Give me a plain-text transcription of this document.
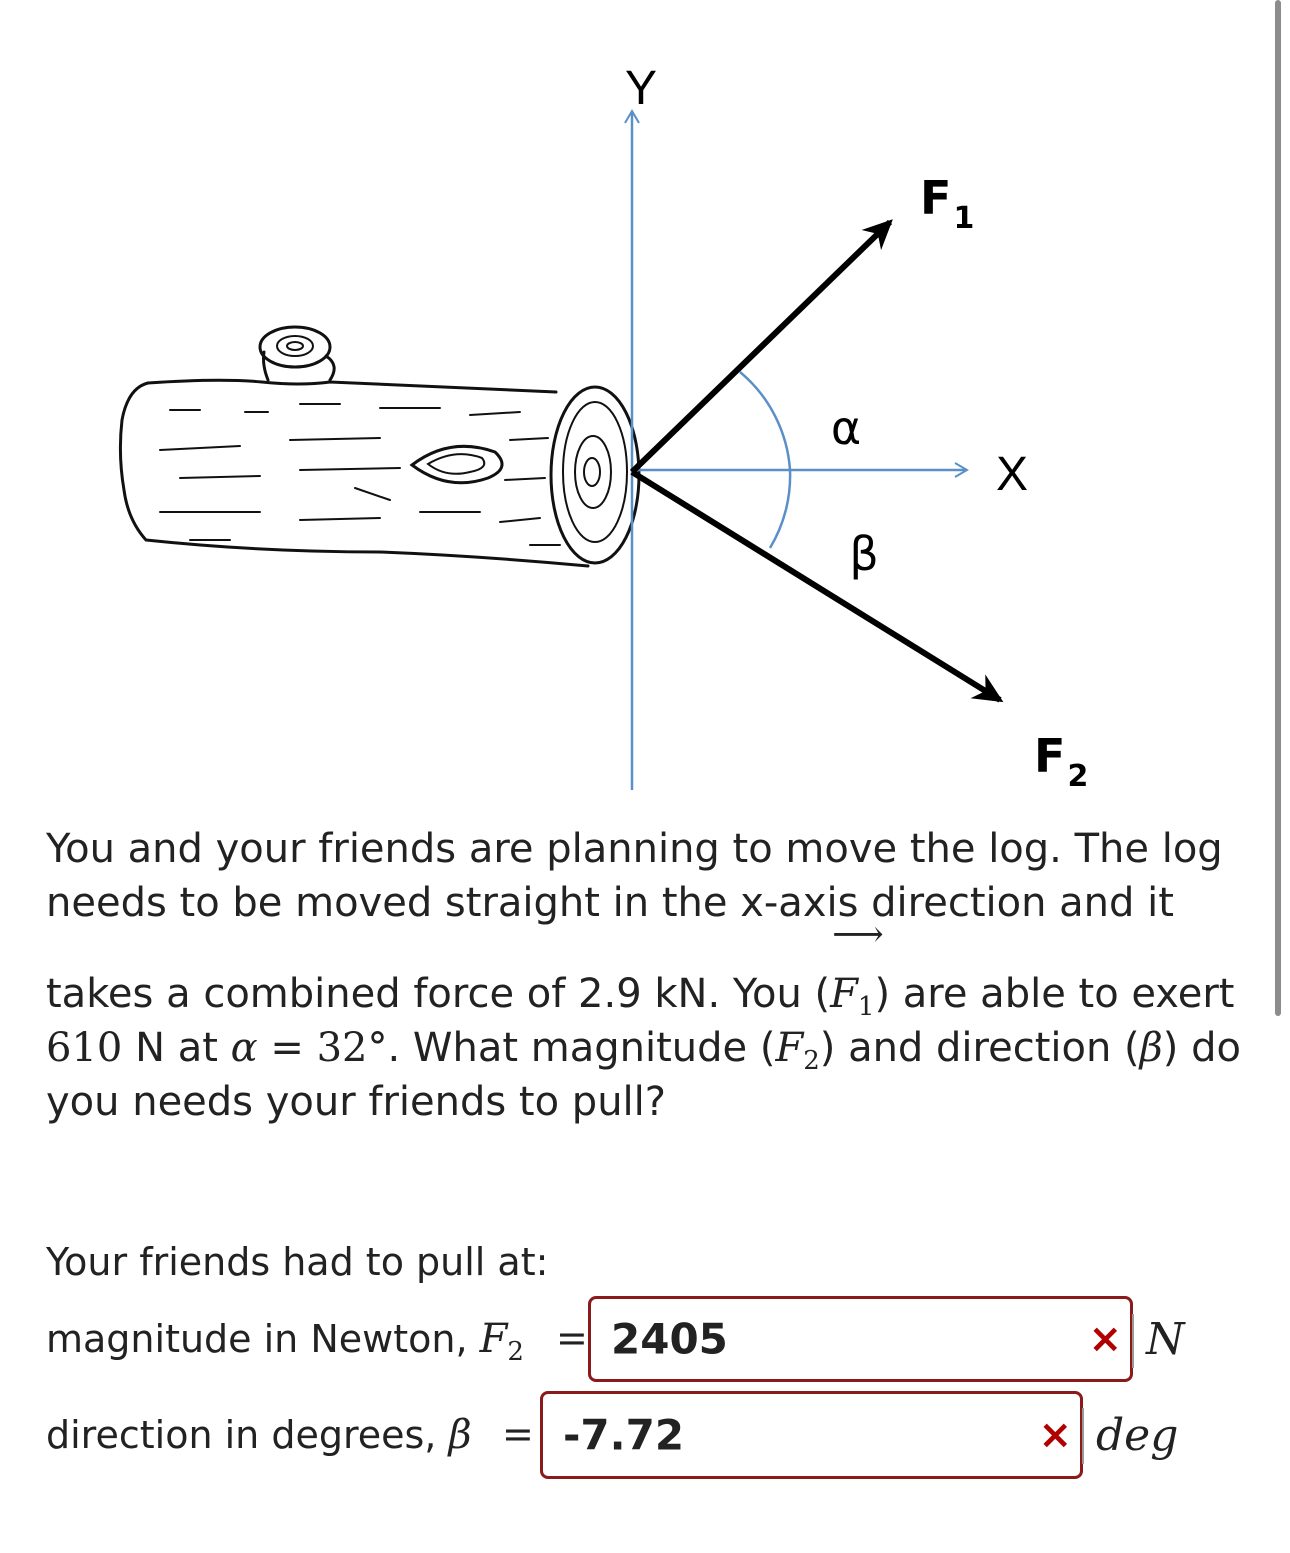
Y
X
α
β
$F_1$
$F_2$
You and your friends are planning to move the log. The log
needs to be moved straight in the x-axis direction and it
takes a combined force of 2.9 kN. You (
⟶
$F_1$) are able to exert
610 N at α = 32°. What magnitude $(F_2)$ and direction (β) do
you needs your friends to pull?
Your friends had to pull at:
magnitude in Newton, $F_2 = 2405$	× N
direction in degrees, β = -7.72	× deg
